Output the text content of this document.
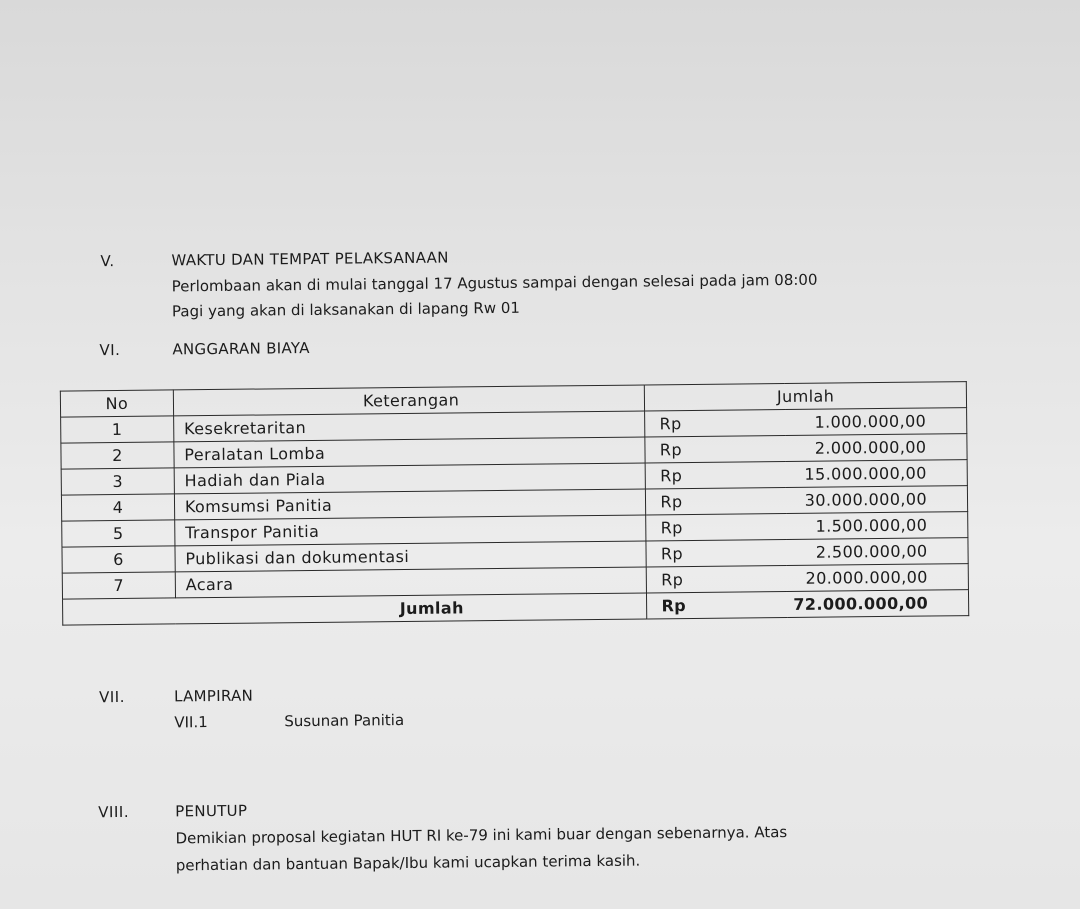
V.	WAKTU DAN TEMPAT PELAKSANAAN
Perlombaan akan di mulai tanggal 17 Agustus sampai dengan selesai pada jam 08:00
Pagi yang akan di laksanakan di lapang Rw 01
VI.	ANGGARAN BIAYA
No	Keterangan	Jumlah	
1	Kesekretaritan	Rp	1.000.000,00
2	Peralatan Lomba	Rp	2.000.000,00
3	Hadiah dan Piala	Rp	15.000.000,00
4	Komsumsi Panitia	Rp	30.000.000,00
5	Transpor Panitia	Rp	1.500.000,00
6	Publikasi dan dokumentasi	Rp	2.500.000,00
7	Acara	Rp	20.000.000,00
Jumlah		Rp	72.000.000,00
VII.	LAMPIRAN
VII.1	Susunan Panitia
VIII.	PENUTUP
Demikian proposal kegiatan HUT RI ke-79 ini kami buar dengan sebenarnya. Atas
perhatian dan bantuan Bapak/Ibu kami ucapkan terima kasih.
